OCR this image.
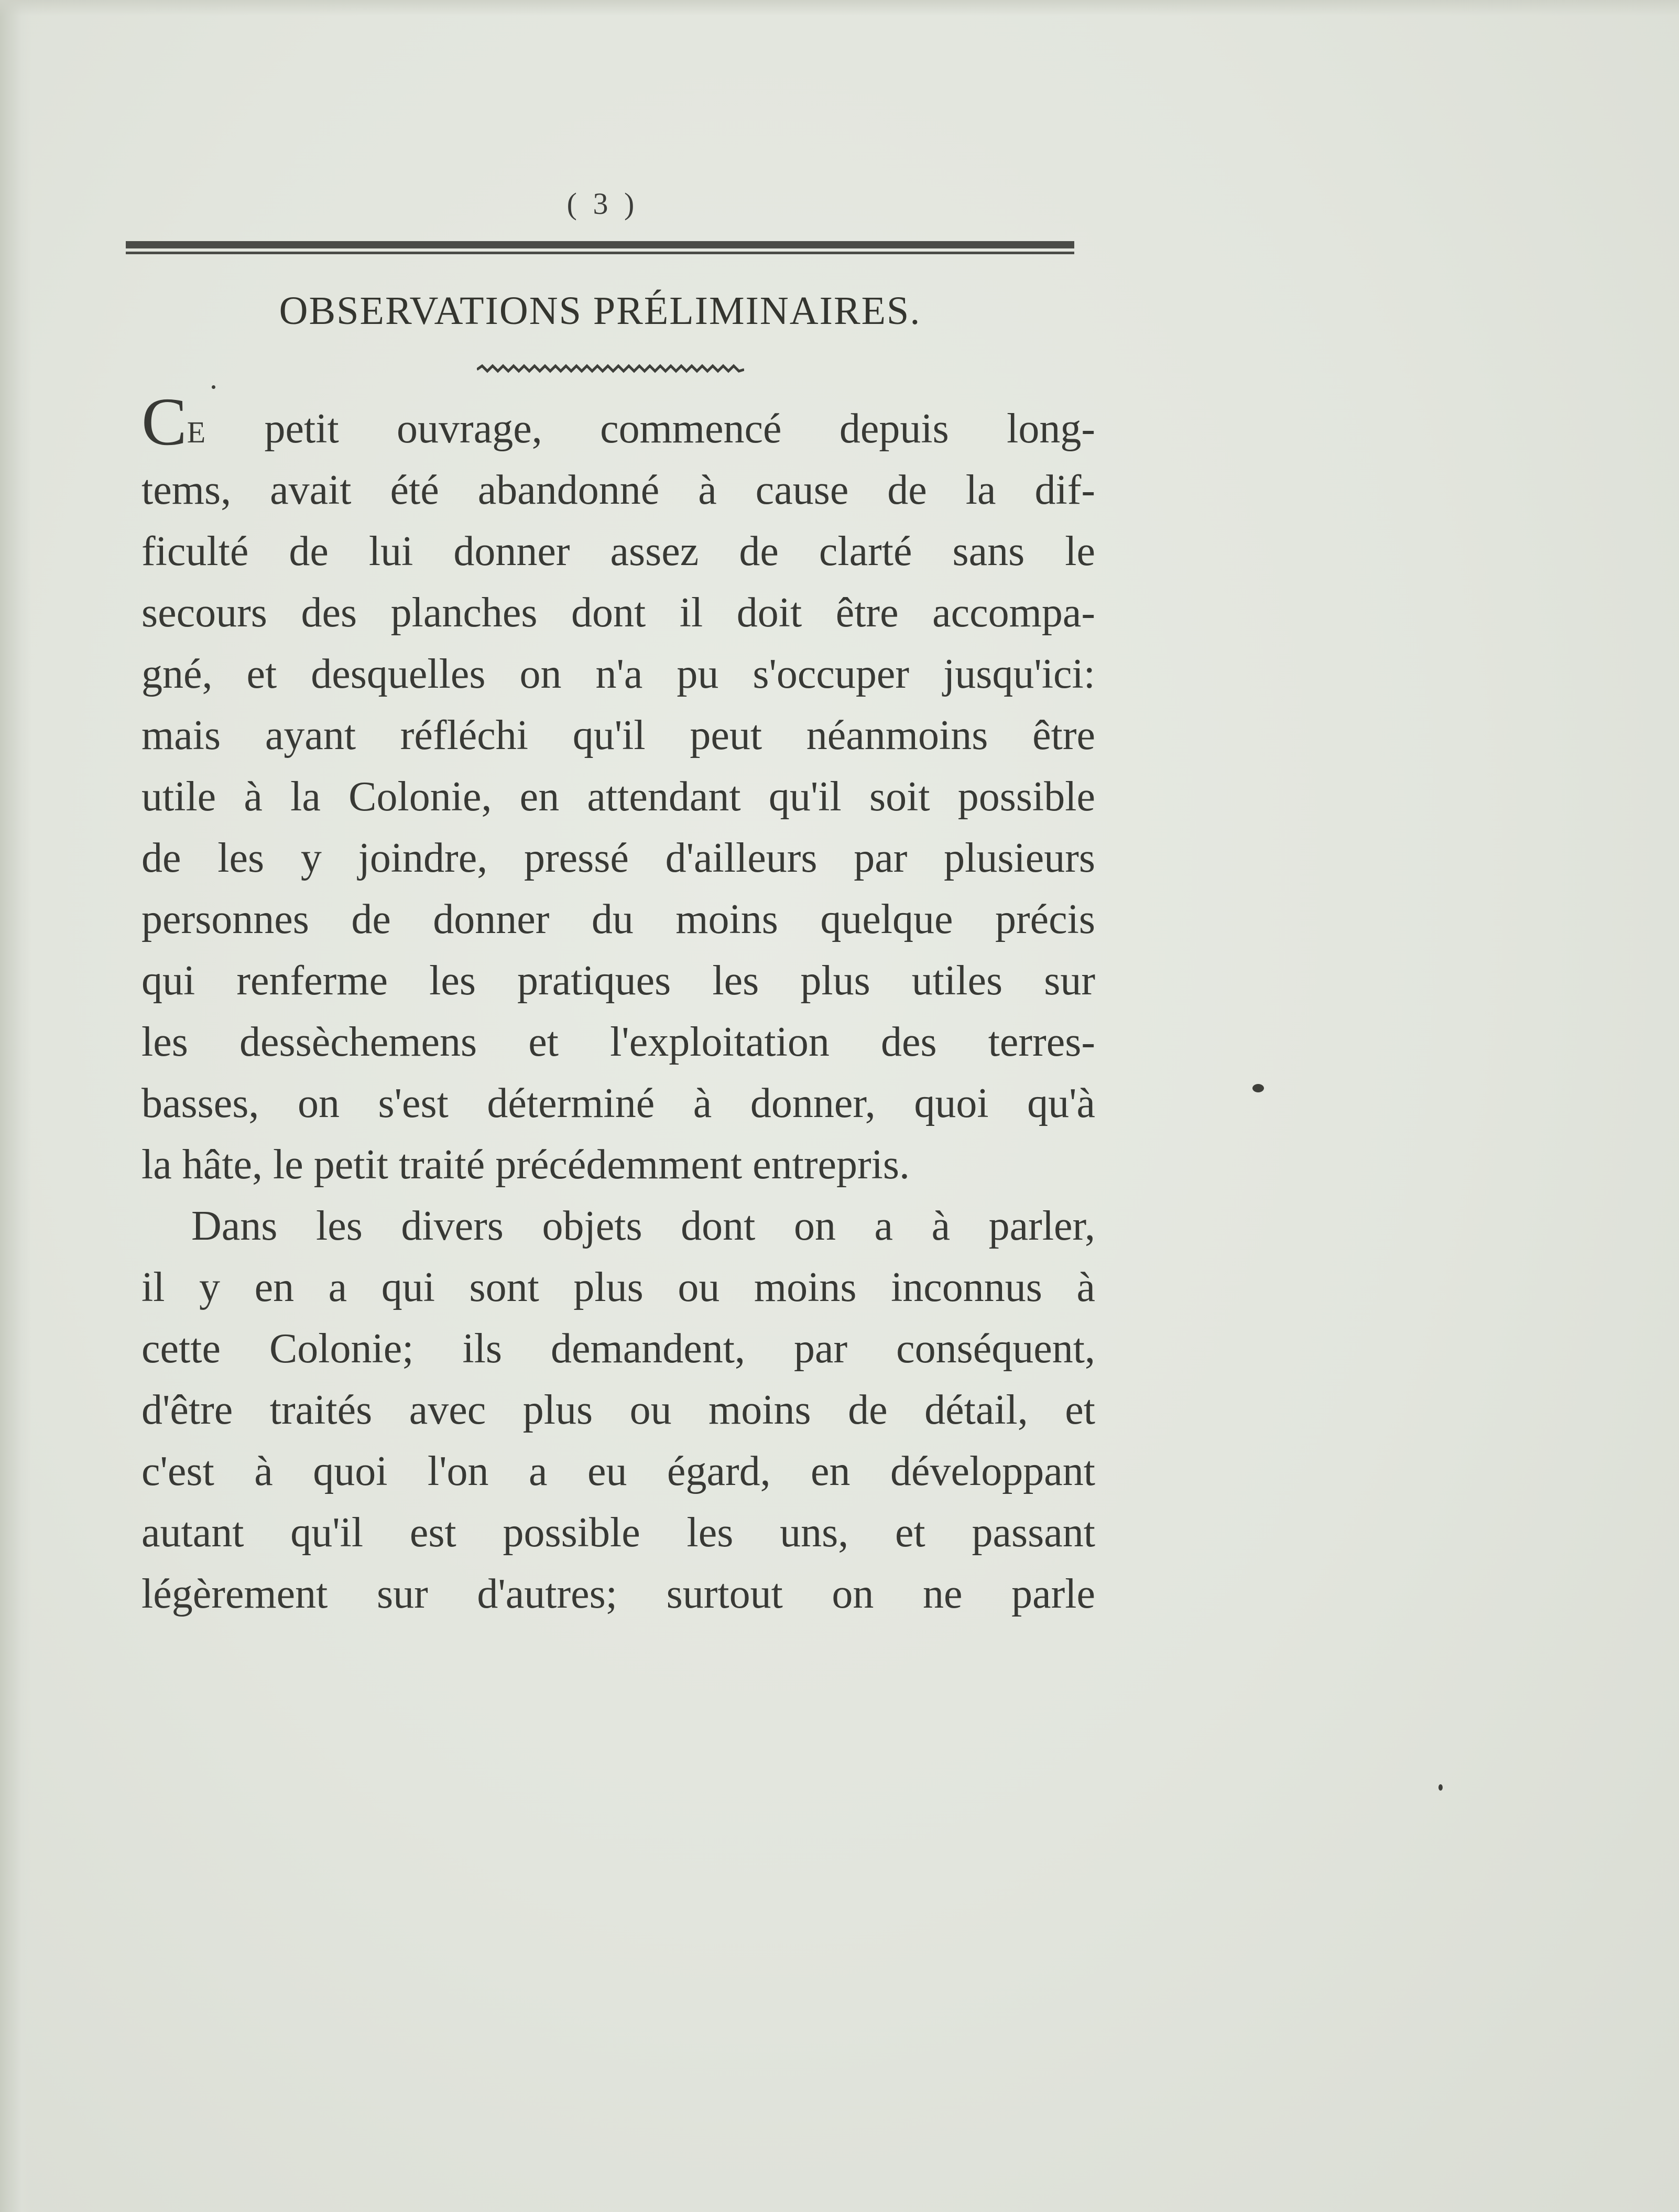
( 3 )
OBSERVATIONS PRÉLIMINAIRES.
CE petit ouvrage, commencé depuis long-
tems, avait été abandonné à cause de la dif-
ficulté de lui donner assez de clarté sans le
secours des planches dont il doit être accompa-
gné, et desquelles on n'a pu s'occuper jusqu'ici:
mais ayant réfléchi qu'il peut néanmoins être
utile à la Colonie, en attendant qu'il soit possible
de les y joindre, pressé d'ailleurs par plusieurs
personnes de donner du moins quelque précis
qui renferme les pratiques les plus utiles sur
les dessèchemens et l'exploitation des terres-
basses, on s'est déterminé à donner, quoi qu'à
la hâte, le petit traité précédemment entrepris.
Dans les divers objets dont on a à parler,
il y en a qui sont plus ou moins inconnus à
cette Colonie; ils demandent, par conséquent,
d'être traités avec plus ou moins de détail, et
c'est à quoi l'on a eu égard, en développant
autant qu'il est possible les uns, et passant
légèrement sur d'autres; surtout on ne parle
